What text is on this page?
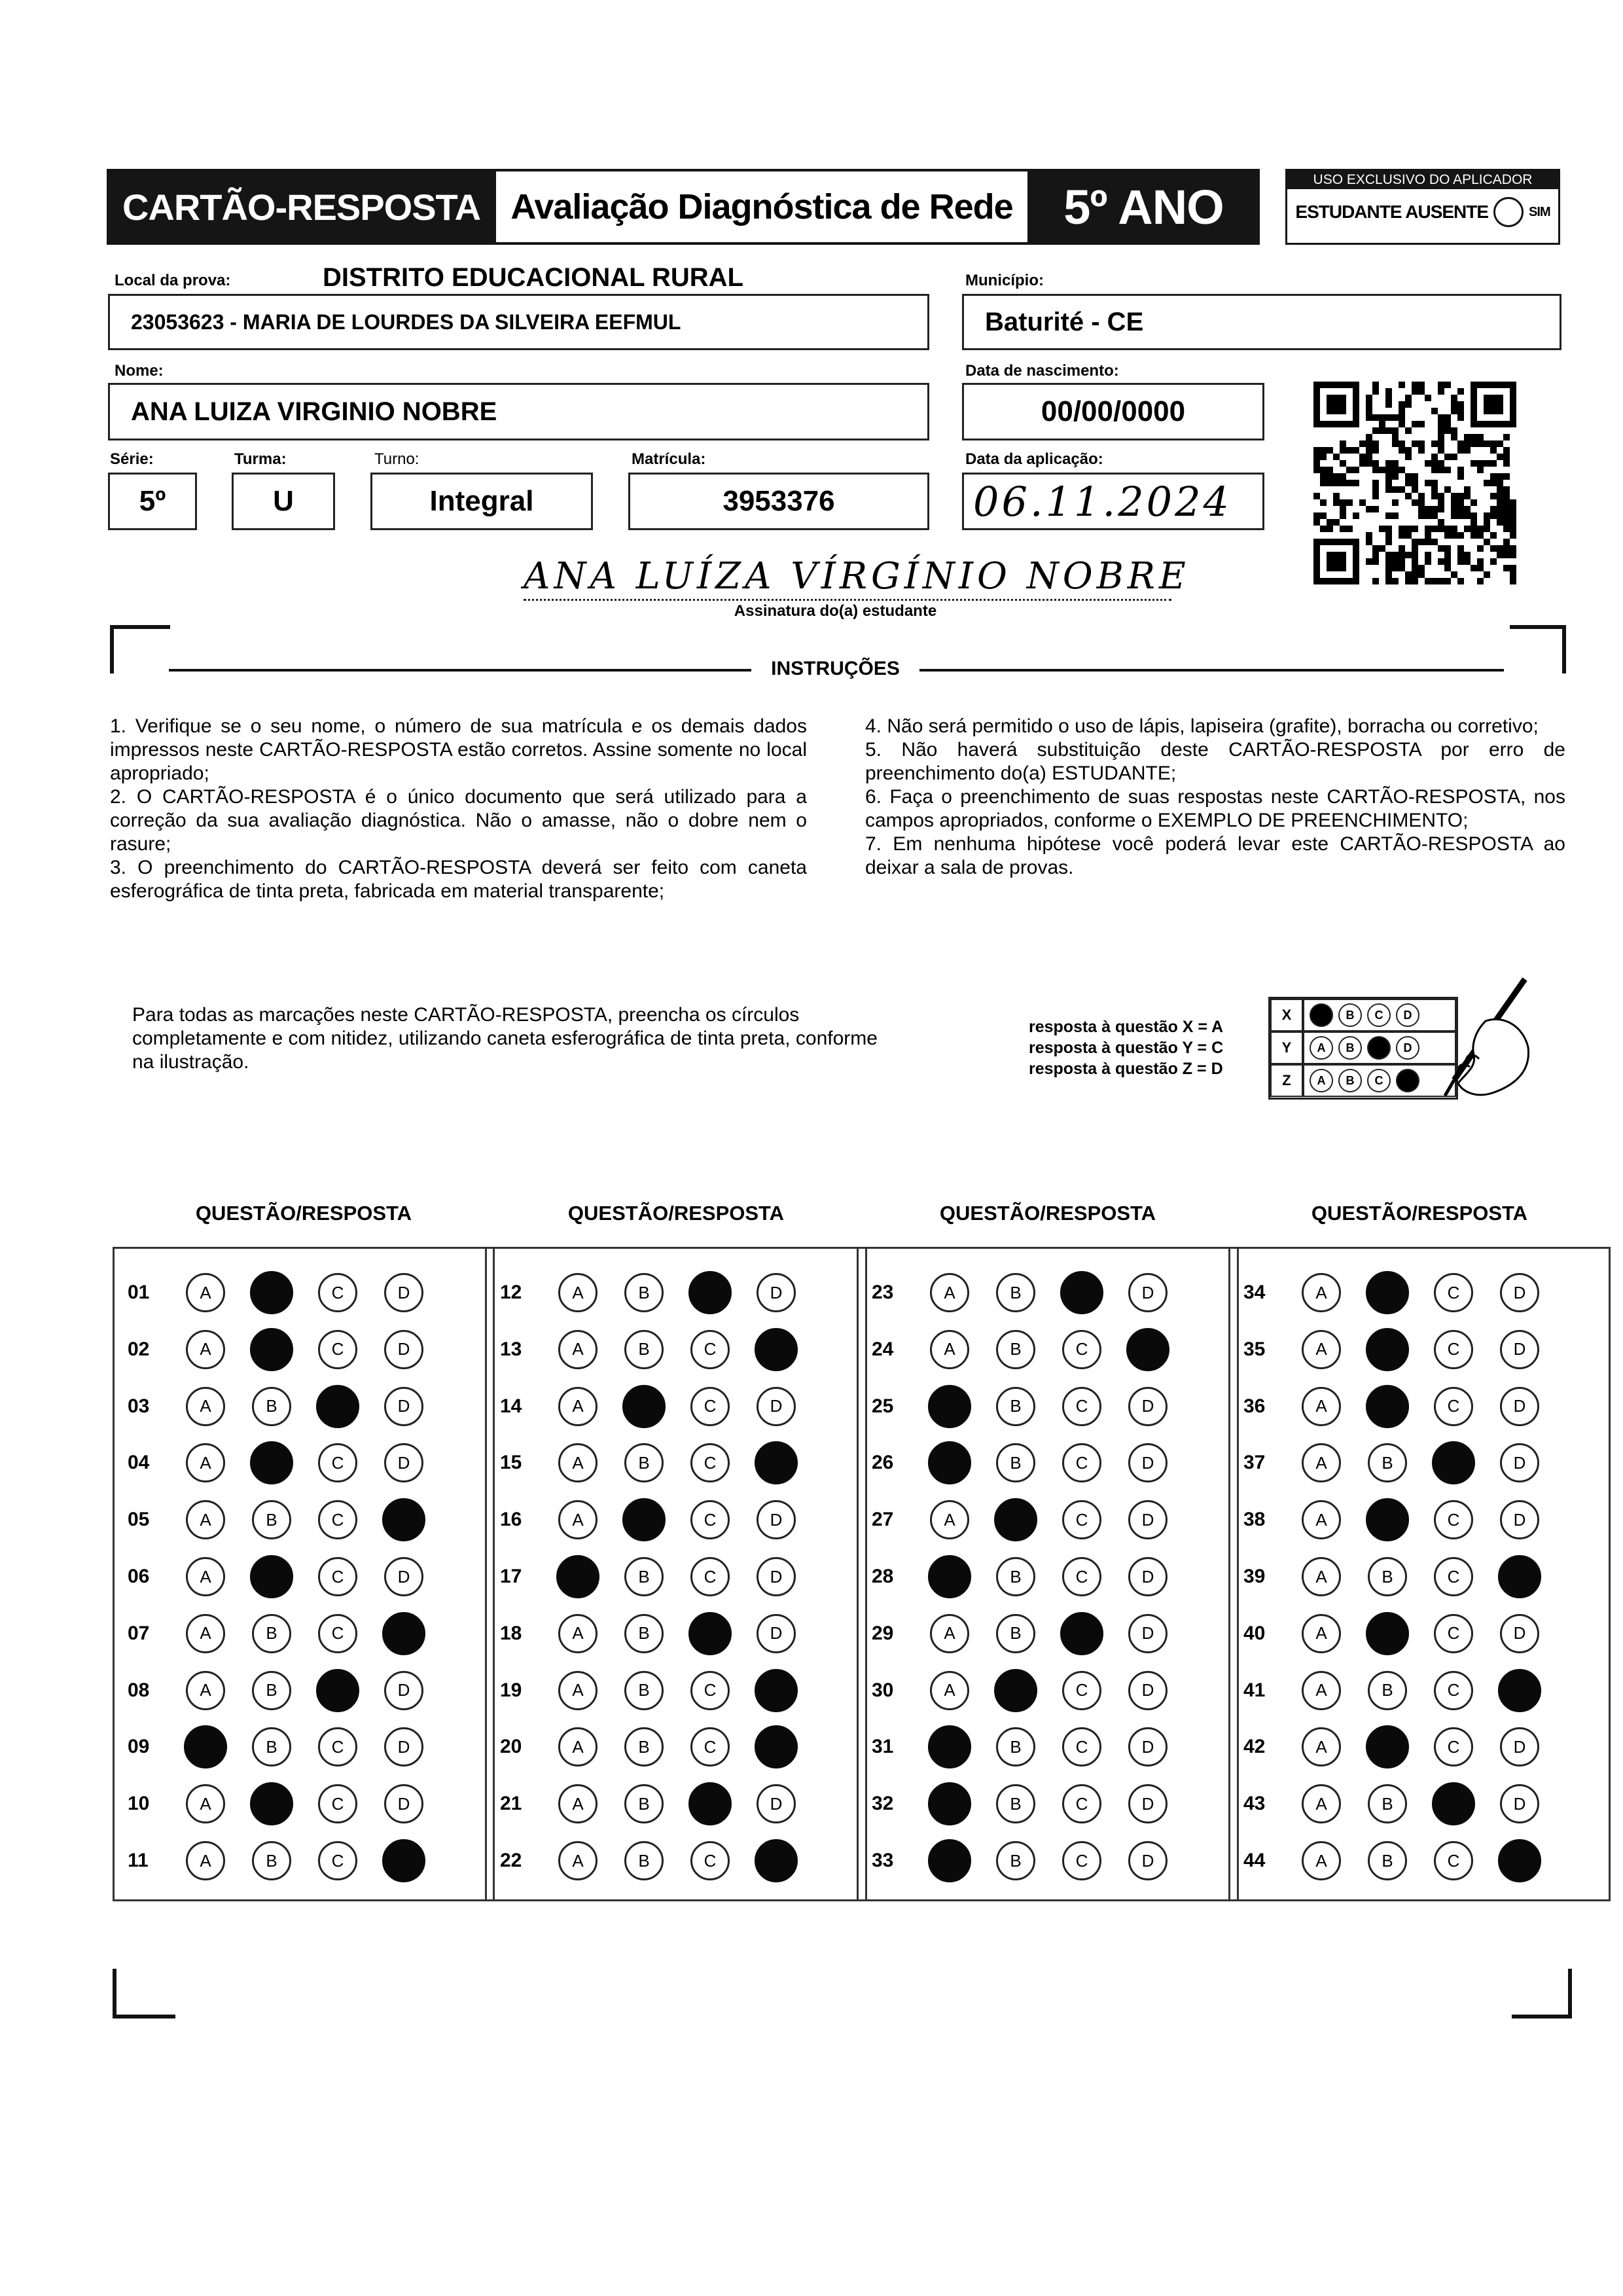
CARTÃO-RESPOSTA Avaliação Diagnóstica de Rede	5º ANO	USO EXCLUSIVO DO APLICADOR
ESTUDANTE AUSENTE	SIM
Local da prova:	DISTRITO EDUCACIONAL RURAL
23053623 - MARIA DE LOURDES DA SILVEIRA EEFMUL
Município:
Baturité - CE
Nome:
ANA LUIZA VIRGINIO NOBRE
Data de nascimento:
00/00/0000
Série:
5º
Turma:
U
Turno:
Integral
Matrícula:
3953376
Data da aplicação:
06.11.2024
ANA LUÍZA VÍRGÍNIO NOBRE
Assinatura do(a) estudante
INSTRUÇÕES

1. Verifique se o seu nome, o número de sua matrícula e os demais dados impressos neste CARTÃO-RESPOSTA estão corretos. Assine somente no local apropriado;

2. O CARTÃO-RESPOSTA é o único documento que será utilizado para a correção da sua avaliação diagnóstica. Não o amasse, não o dobre nem o rasure;

3. O preenchimento do CARTÃO-RESPOSTA deverá ser feito com caneta esferográfica de tinta preta, fabricada em material transparente;

4. Não será permitido o uso de lápis, lapiseira (grafite), borracha ou corretivo;

5. Não haverá substituição deste CARTÃO-RESPOSTA por erro de preenchimento do(a) ESTUDANTE;

6. Faça o preenchimento de suas respostas neste CARTÃO-RESPOSTA, nos campos apropriados, conforme o EXEMPLO DE PREENCHIMENTO;

7. Em nenhuma hipótese você poderá levar este CARTÃO-RESPOSTA ao deixar a sala de provas.

Para todas as marcações neste CARTÃO-RESPOSTA, preencha os círculos completamente e com nitidez, utilizando caneta esferográfica de tinta preta, conforme na ilustração.
resposta à questão X = A
resposta à questão Y = C
resposta à questão Z = D
X	B	C	D
Y	A	B	D
Z	A	B	C
QUESTÃO/RESPOSTA
01	A	C	D
02	A	C	D
03	A	B	D
04	A	C	D
05	A	B	C
06	A	C	D
07	A	B	C
08	A	B	D
09	B	C	D
10	A	C	D
11	A	B	C
QUESTÃO/RESPOSTA
12	A	B	D
13	A	B	C
14	A	C	D
15	A	B	C
16	A	C	D
17	B	C	D
18	A	B	D
19	A	B	C
20	A	B	C
21	A	B	D
22	A	B	C
QUESTÃO/RESPOSTA
23	A	B	D
24	A	B	C
25	B	C	D
26	B	C	D
27	A	C	D
28	B	C	D
29	A	B	D
30	A	C	D
31	B	C	D
32	B	C	D
33	B	C	D
QUESTÃO/RESPOSTA
34	A	C	D
35	A	C	D
36	A	C	D
37	A	B	D
38	A	C	D
39	A	B	C
40	A	C	D
41	A	B	C
42	A	C	D
43	A	B	D
44	A	B	C
